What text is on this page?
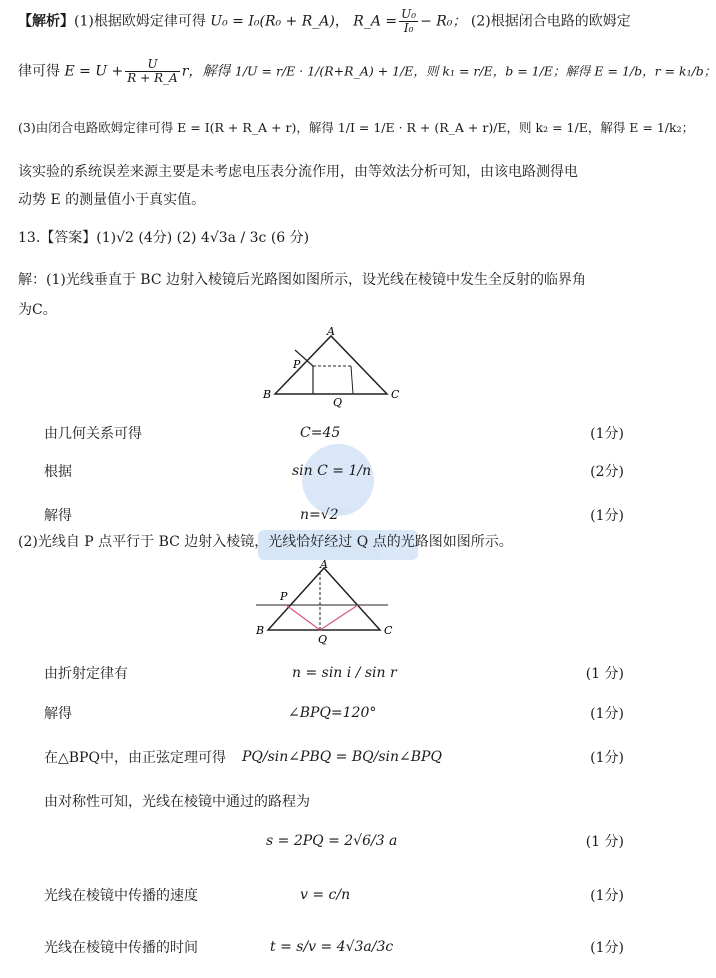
【解析】(1)根据欧姆定律可得 U₀ = I₀(R₀ + R_A)， R_A = $\frac{\text{U₀}}{\text{I₀}} - R_0$； (2)根据闭合电路的欧姆定
律可得 $E = U + \frac{U}{R + R\_A}$ r，解得 1/U = r/E · 1/(R+R_A) + 1/E，则 k₁ = r/E，b = 1/E；解得 E = 1/b，r = k₁/b；
(3)由闭合电路欧姆定律可得 E = I(R + R_A + r)，解得 1/I = 1/E · R + (R_A + r)/E，则 k₂ = 1/E，解得 E = 1/k₂；
该实验的系统误差来源主要是未考虑电压表分流作用，由等效法分析可知，由该电路测得电
动势 E 的测量值小于真实值。
13.【答案】(1)√2 (4分) (2) 4√3a / 3c (6 分)
解：(1)光线垂直于 BC 边射入棱镜后光路图如图所示，设光线在棱镜中发生全反射的临界角
为C。
A
B	C
P
Q
由几何关系可得	C=45	(1分)
根据	sin C = 1/n	(2分)
解得	n=√2	(1分)
(2)光线自 P 点平行于 BC 边射入棱镜，光线恰好经过 Q 点的光路图如图所示。
A
B	C
P
Q
由折射定律有	n = sin i / sin r	(1 分)
解得	∠BPQ=120°	(1分)
在△BPQ中，由正弦定理可得 PQ/sin∠PBQ = BQ/sin∠BPQ	(1分)
由对称性可知，光线在棱镜中通过的路程为
s = 2PQ = 2√6/3 a	(1 分)
光线在棱镜中传播的速度	v = c/n	(1分)
光线在棱镜中传播的时间	t = s/v = 4√3a/3c	(1分)
